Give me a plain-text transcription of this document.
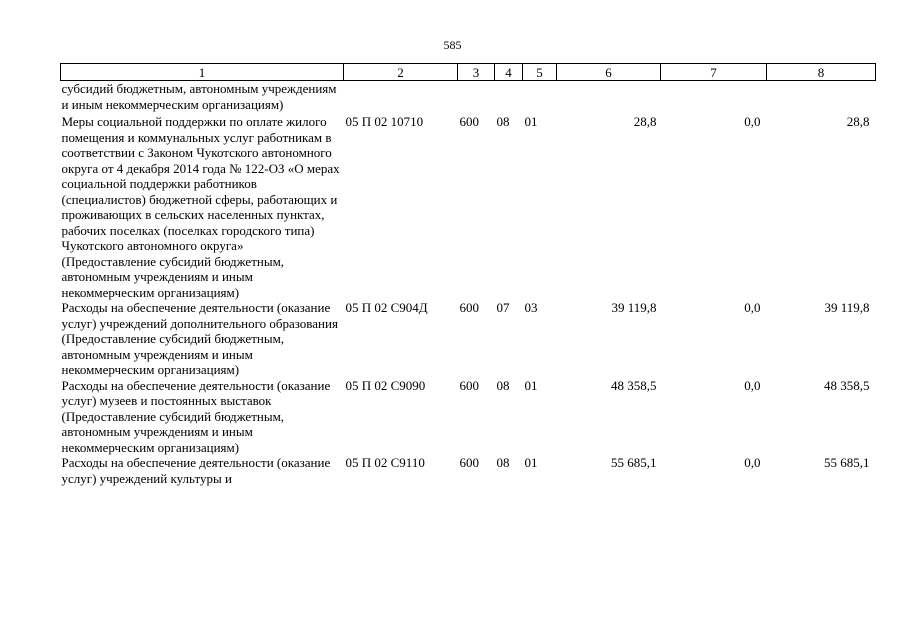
585
1	2	3	4	5	6	7	8
субсидий бюджетным, автономным учреждениям и иным некоммерческим организациям)							
Меры социальной поддержки по оплате жилого помещения и коммунальных услуг работникам в соответствии с Законом Чукотского автономного округа от 4 декабря 2014 года № 122-ОЗ «О мерах социальной поддержки работников (специалистов) бюджетной сферы, работающих и проживающих в сельских населенных пунктах, рабочих поселках (поселках городского типа) Чукотского автономного округа» (Предоставление субсидий бюджетным, автономным учреждениям и иным некоммерческим организациям)	05 П 02 10710	600	08	01	28,8	0,0	28,8
Расходы на обеспечение деятельности (оказание услуг) учреждений дополнительного образования (Предоставление субсидий бюджетным, автономным учреждениям и иным некоммерческим организациям)	05 П 02 С904Д	600	07	03	39 119,8	0,0	39 119,8
Расходы на обеспечение деятельности (оказание услуг) музеев и постоянных выставок (Предоставление субсидий бюджетным, автономным учреждениям и иным некоммерческим организациям)	05 П 02 С9090	600	08	01	48 358,5	0,0	48 358,5
Расходы на обеспечение деятельности (оказание услуг) учреждений культуры и	05 П 02 С9110	600	08	01	55 685,1	0,0	55 685,1
